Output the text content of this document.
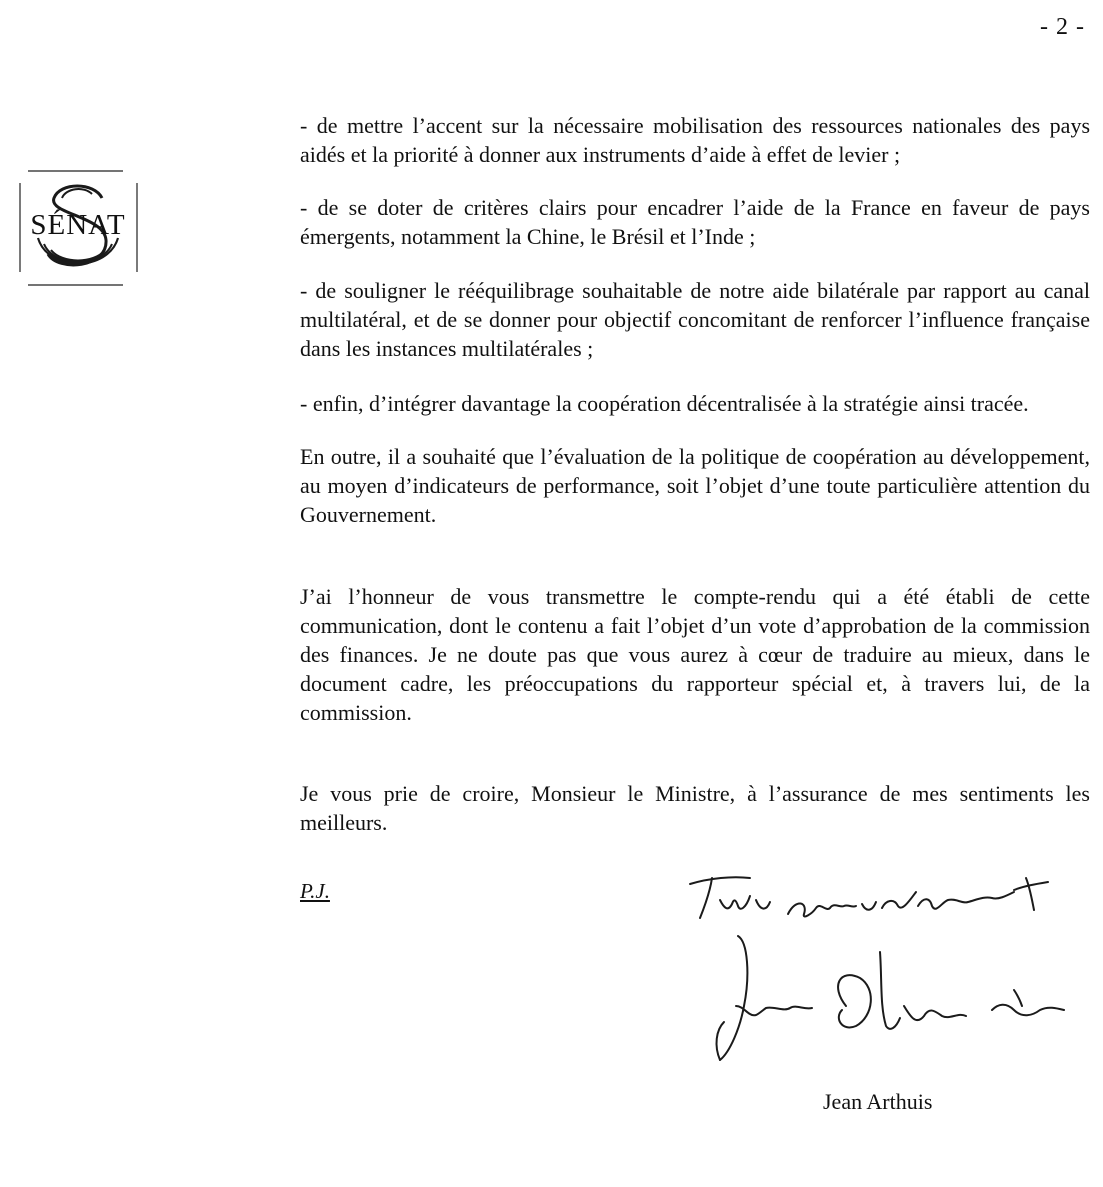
- 2 -
SÉNAT

- de mettre l’accent sur la nécessaire mobilisation des ressources nationales des pays aidés et la priorité à donner aux instruments d’aide à effet de levier ;

- de se doter de critères clairs pour encadrer l’aide de la France en faveur de pays émergents, notamment la Chine, le Brésil et l’Inde ;

- de souligner le rééquilibrage souhaitable de notre aide bilatérale par rapport au canal multilatéral, et de se donner pour objectif concomitant de renforcer l’influence française dans les instances multilatérales ;

- enfin, d’intégrer davantage la coopération décentralisée à la stratégie ainsi tracée.

En outre, il a souhaité que l’évaluation de la politique de coopération au développement, au moyen d’indicateurs de performance, soit l’objet d’une toute particulière attention du Gouvernement.

J’ai l’honneur de vous transmettre le compte-rendu qui a été établi de cette communication, dont le contenu a fait l’objet d’un vote d’approbation de la commission des finances. Je ne doute pas que vous aurez à cœur de traduire au mieux, dans le document cadre, les préoccupations du rapporteur spécial et, à travers lui, de la commission.

Je vous prie de croire, Monsieur le Ministre, à l’assurance de mes sentiments les meilleurs.

P.J.
Jean Arthuis
